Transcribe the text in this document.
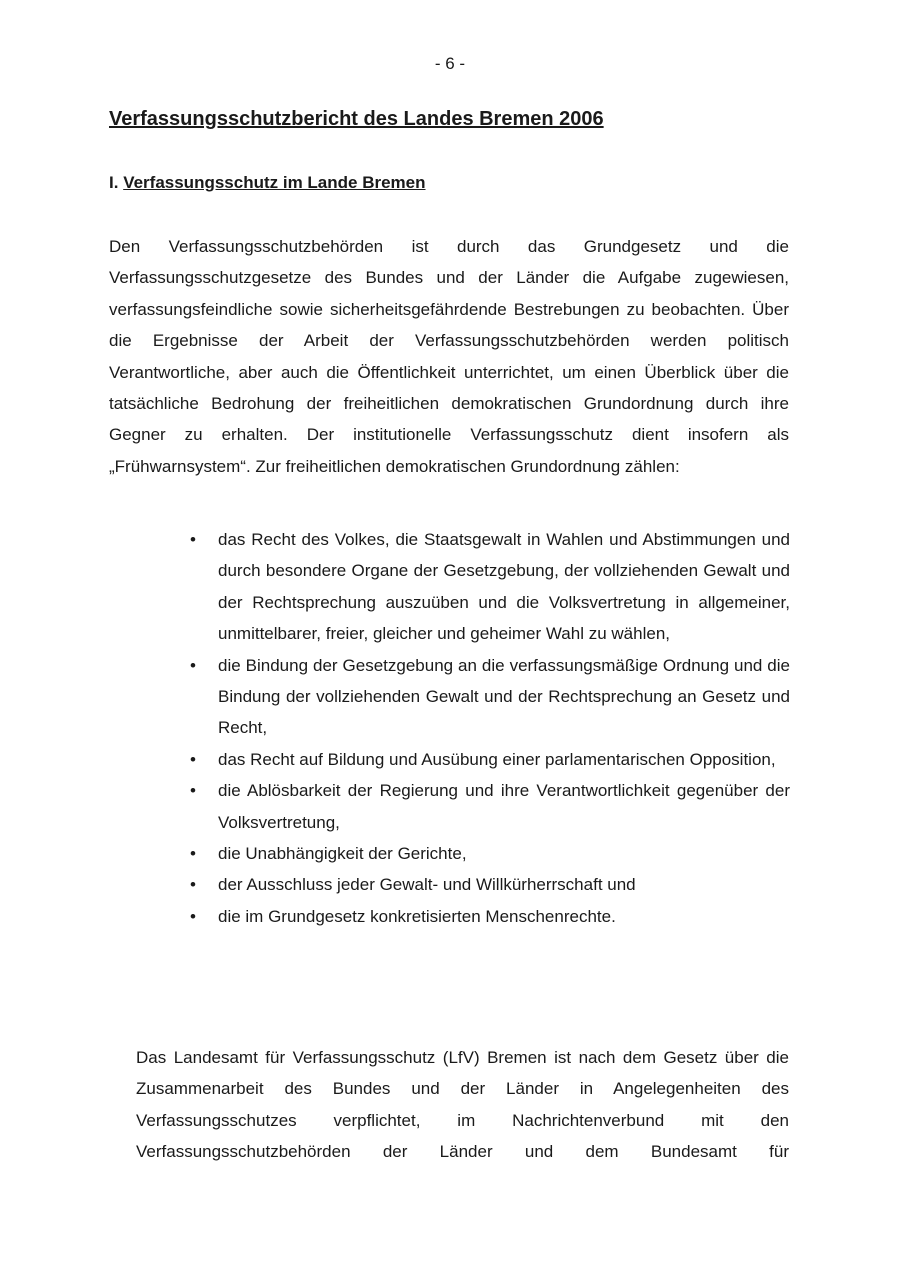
- 6 -
Verfassungsschutzbericht des Landes Bremen 2006
I. Verfassungsschutz im Lande Bremen

Den Verfassungsschutzbehörden ist durch das Grundgesetz und die Verfassungsschutzgesetze des Bundes und der Länder die Aufgabe zugewiesen, verfassungsfeindliche sowie sicherheitsgefährdende Bestrebungen zu beobachten. Über die Ergebnisse der Arbeit der Verfassungsschutzbehörden werden politisch Verantwortliche, aber auch die Öffentlichkeit unterrichtet, um einen Überblick über die tatsächliche Bedrohung der freiheitlichen demokratischen Grundordnung durch ihre Gegner zu erhalten. Der institutionelle Verfassungsschutz dient insofern als „Frühwarnsystem“. Zur freiheitlichen demokratischen Grundordnung zählen:

• das Recht des Volkes, die Staatsgewalt in Wahlen und Abstimmungen und durch besondere Organe der Gesetzgebung, der vollziehenden Gewalt und der Rechtsprechung auszuüben und die Volksvertretung in allgemeiner, unmittelbarer, freier, gleicher und geheimer Wahl zu wählen,
• die Bindung der Gesetzgebung an die verfassungsmäßige Ordnung und die Bindung der vollziehenden Gewalt und der Rechtsprechung an Gesetz und Recht,
• das Recht auf Bildung und Ausübung einer parlamentarischen Opposition,
• die Ablösbarkeit der Regierung und ihre Verantwortlichkeit gegenüber der Volksvertretung,
• die Unabhängigkeit der Gerichte,
• der Ausschluss jeder Gewalt- und Willkürherrschaft und
• die im Grundgesetz konkretisierten Menschenrechte.

Das Landesamt für Verfassungsschutz (LfV) Bremen ist nach dem Gesetz über die Zusammenarbeit des Bundes und der Länder in Angelegenheiten des Verfassungsschutzes verpflichtet, im Nachrichtenverbund mit den Verfassungsschutzbehörden der Länder und dem Bundesamt für
